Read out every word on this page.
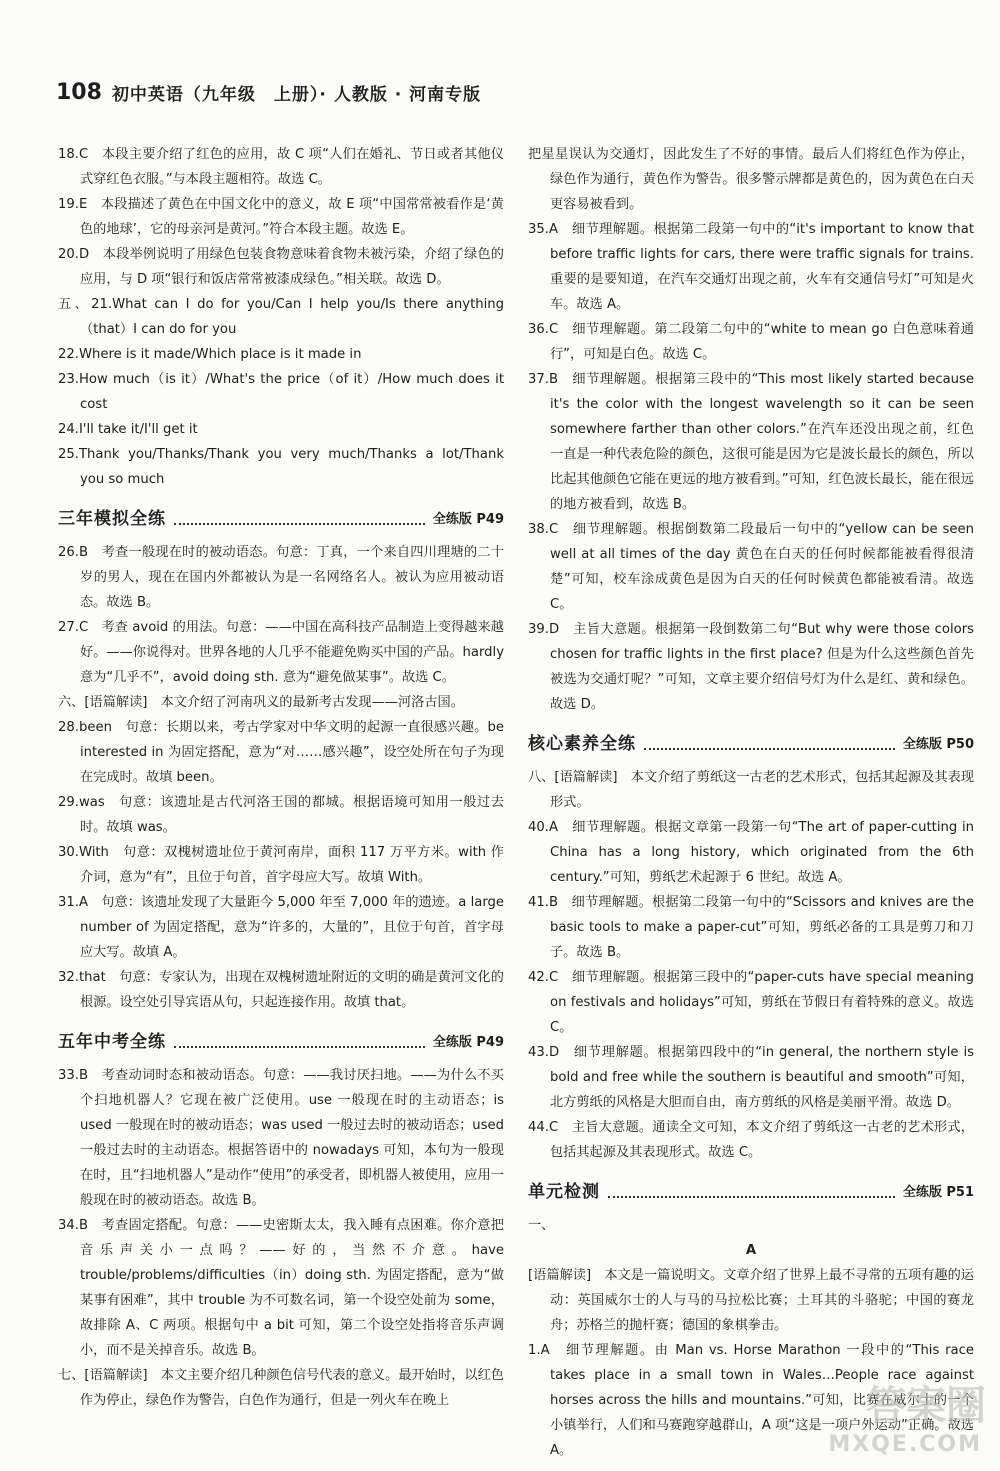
108 初中英语（九年级　上册）· 人教版 · 河南专版
18.C　本段主要介绍了红色的应用，故 C 项“人们在婚礼、节日或者其他仪式穿红色衣服。”与本段主题相符。故选 C。
19.E　本段描述了黄色在中国文化中的意义，故 E 项“中国常常被看作是‘黄色的地球’，它的母亲河是黄河。”符合本段主题。故选 E。
20.D　本段举例说明了用绿色包装食物意味着食物未被污染，介绍了绿色的应用，与 D 项“银行和饭店常常被漆成绿色。”相关联。故选 D。
五、21.What can I do for you/Can I help you/Is there anything（that）I can do for you
22.Where is it made/Which place is it made in
23.How much（is it）/What's the price（of it）/How much does it cost
24.I'll take it/I'll get it
25.Thank you/Thanks/Thank you very much/Thanks a lot/Thank you so much
三年模拟全练	全练版 P49
26.B　考查一般现在时的被动语态。句意：丁真，一个来自四川理塘的二十岁的男人，现在在国内外都被认为是一名网络名人。被认为应用被动语态。故选 B。
27.C　考查 avoid 的用法。句意：——中国在高科技产品制造上变得越来越好。——你说得对。世界各地的人几乎不能避免购买中国的产品。hardly 意为“几乎不”，avoid doing sth. 意为“避免做某事”。故选 C。
六、[语篇解读]　本文介绍了河南巩义的最新考古发现——河洛古国。
28.been　句意：长期以来，考古学家对中华文明的起源一直很感兴趣。be interested in 为固定搭配，意为“对……感兴趣”，设空处所在句子为现在完成时。故填 been。
29.was　句意：该遗址是古代河洛王国的都城。根据语境可知用一般过去时。故填 was。
30.With　句意：双槐树遗址位于黄河南岸，面积 117 万平方米。with 作介词，意为“有”，且位于句首，首字母应大写。故填 With。
31.A　句意：该遗址发现了大量距今 5,000 年至 7,000 年的遗迹。a large number of 为固定搭配，意为“许多的，大量的”，且位于句首，首字母应大写。故填 A。
32.that　句意：专家认为，出现在双槐树遗址附近的文明的确是黄河文化的根源。设空处引导宾语从句，只起连接作用。故填 that。
五年中考全练	全练版 P49
33.B　考查动词时态和被动语态。句意：——我讨厌扫地。——为什么不买个扫地机器人？它现在被广泛使用。use 一般现在时的主动语态；is used 一般现在时的被动语态；was used 一般过去时的被动语态；used 一般过去时的主动语态。根据答语中的 nowadays 可知，本句为一般现在时，且“扫地机器人”是动作“使用”的承受者，即机器人被使用，应用一般现在时的被动语态。故选 B。
34.B　考查固定搭配。句意：——史密斯太太，我入睡有点困难。你介意把音乐声关小一点吗？——好的，当然不介意。have trouble/problems/difficulties（in）doing sth. 为固定搭配，意为“做某事有困难”，其中 trouble 为不可数名词，第一个设空处前为 some，故排除 A、C 两项。根据句中 a bit 可知，第二个设空处指将音乐声调小，而不是关掉音乐。故选 B。
七、[语篇解读]　本文主要介绍几种颜色信号代表的意义。最开始时，以红色作为停止，绿色作为警告，白色作为通行，但是一列火车在晚上
把星星误认为交通灯，因此发生了不好的事情。最后人们将红色作为停止，绿色作为通行，黄色作为警告。很多警示牌都是黄色的，因为黄色在白天更容易被看到。
35.A　细节理解题。根据第二段第一句中的“it's important to know that before traffic lights for cars, there were traffic signals for trains. 重要的是要知道，在汽车交通灯出现之前，火车有交通信号灯”可知是火车。故选 A。
36.C　细节理解题。第二段第二句中的“white to mean go 白色意味着通行”，可知是白色。故选 C。
37.B　细节理解题。根据第三段中的“This most likely started because it's the color with the longest wavelength so it can be seen somewhere farther than other colors.”在汽车还没出现之前，红色一直是一种代表危险的颜色，这很可能是因为它是波长最长的颜色，所以比起其他颜色它能在更远的地方被看到。”可知，红色波长最长，能在很远的地方被看到，故选 B。
38.C　细节理解题。根据倒数第二段最后一句中的“yellow can be seen well at all times of the day 黄色在白天的任何时候都能被看得很清楚”可知，校车涂成黄色是因为白天的任何时候黄色都能被看清。故选 C。
39.D　主旨大意题。根据第一段倒数第二句“But why were those colors chosen for traffic lights in the first place? 但是为什么这些颜色首先被选为交通灯呢？”可知，文章主要介绍信号灯为什么是红、黄和绿色。故选 D。
核心素养全练	全练版 P50
八、[语篇解读]　本文介绍了剪纸这一古老的艺术形式，包括其起源及其表现形式。
40.A　细节理解题。根据文章第一段第一句“The art of paper-cutting in China has a long history, which originated from the 6th century.”可知，剪纸艺术起源于 6 世纪。故选 A。
41.B　细节理解题。根据第二段第一句中的“Scissors and knives are the basic tools to make a paper-cut”可知，剪纸必备的工具是剪刀和刀子。故选 B。
42.C　细节理解题。根据第三段中的“paper-cuts have special meaning on festivals and holidays”可知，剪纸在节假日有着特殊的意义。故选 C。
43.D　细节理解题。根据第四段中的“in general, the northern style is bold and free while the southern is beautiful and smooth”可知，北方剪纸的风格是大胆而自由，南方剪纸的风格是美丽平滑。故选 D。
44.C　主旨大意题。通读全文可知，本文介绍了剪纸这一古老的艺术形式，包括其起源及其表现形式。故选 C。
单元检测	全练版 P51
一、
A
[语篇解读]　本文是一篇说明文。文章介绍了世界上最不寻常的五项有趣的运动：英国威尔士的人与马的马拉松比赛；土耳其的斗骆驼；中国的赛龙舟；苏格兰的抛杆赛；德国的象棋拳击。
1.A　细节理解题。由 Man vs. Horse Marathon 一段中的“This race takes place in a small town in Wales…People race against horses across the hills and mountains.”可知，比赛在威尔士的一个小镇举行，人们和马赛跑穿越群山，A 项“这是一项户外运动”正确。故选 A。
答案圈
MXQE.COM
